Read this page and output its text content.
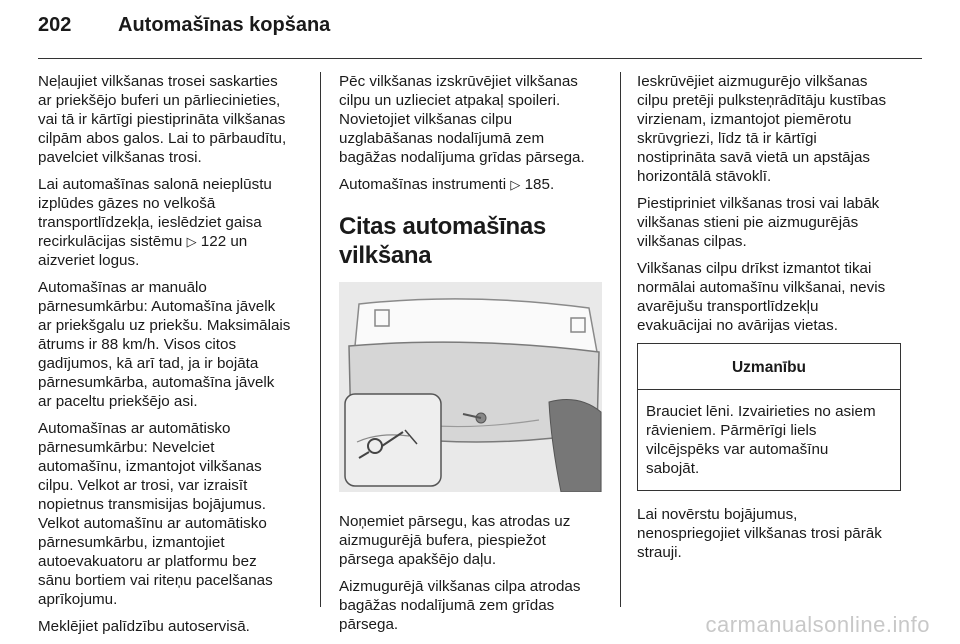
202	Automašīnas kopšana

Neļaujiet vilkšanas trosei saskarties
ar priekšējo buferi un pārliecinieties,
vai tā ir kārtīgi piestiprināta vilkšanas
cilpām abos galos. Lai to pārbaudītu,
pavelciet vilkšanas trosi.

Lai automašīnas salonā neieplūstu
izplūdes gāzes no velkošā
transportlīdzekļa, ieslēdziet gaisa
recirkulācijas sistēmu ▷ 122 un
aizveriet logus.

Automašīnas ar manuālo
pārnesumkārbu: Automašīna jāvelk
ar priekšgalu uz priekšu. Maksimālais
ātrums ir 88 km/h. Visos citos
gadījumos, kā arī tad, ja ir bojāta
pārnesumkārba, automašīna jāvelk
ar paceltu priekšējo asi.

Automašīnas ar automātisko
pārnesumkārbu: Nevelciet
automašīnu, izmantojot vilkšanas
cilpu. Velkot ar trosi, var izraisīt
nopietnus transmisijas bojājumus.
Velkot automašīnu ar automātisko
pārnesumkārbu, izmantojiet
autoevakuatoru ar platformu bez
sānu bortiem vai riteņu pacelšanas
aprīkojumu.

Meklējiet palīdzību autoservisā.

Pēc vilkšanas izskrūvējiet vilkšanas
cilpu un uzlieciet atpakaļ spoileri.
Novietojiet vilkšanas cilpu
uzglabāšanas nodalījumā zem
bagāžas nodalījuma grīdas pārsega.

Automašīnas instrumenti ▷ 185.

Citas automašīnas
vilkšana

Noņemiet pārsegu, kas atrodas uz
aizmugurējā bufera, piespiežot
pārsega apakšējo daļu.

Aizmugurējā vilkšanas cilpa atrodas
bagāžas nodalījumā zem grīdas
pārsega.

Ieskrūvējiet aizmugurējo vilkšanas
cilpu pretēji pulksteņrādītāju kustības
virzienam, izmantojot piemērotu
skrūvgriezi, līdz tā ir kārtīgi
nostiprināta savā vietā un apstājas
horizontālā stāvoklī.

Piestipriniet vilkšanas trosi vai labāk
vilkšanas stieni pie aizmugurējās
vilkšanas cilpas.

Vilkšanas cilpu drīkst izmantot tikai
normālai automašīnu vilkšanai, nevis
avarējušu transportlīdzekļu
evakuācijai no avārijas vietas.

Uzmanību
Brauciet lēni. Izvairieties no asiem
rāvieniem. Pārmērīgi liels
vilcējspēks var automašīnu
sabojāt.

Lai novērstu bojājumus,
nenospriegojiet vilkšanas trosi pārāk
strauji.

carmanualsonline.info
